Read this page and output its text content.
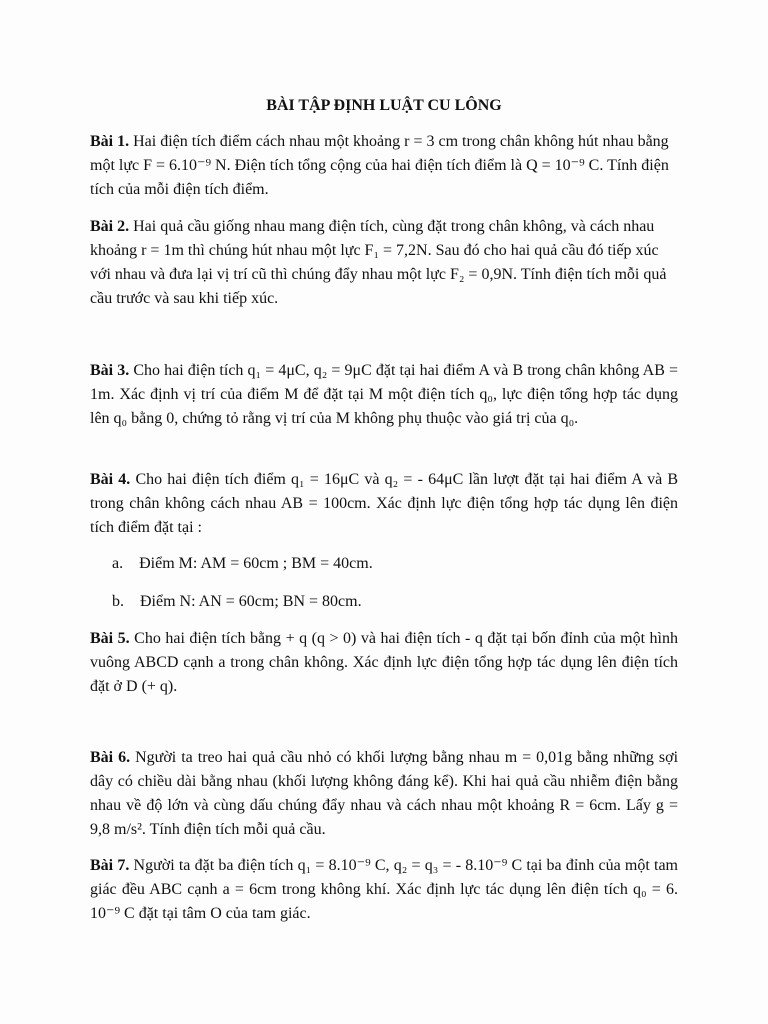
BÀI TẬP ĐỊNH LUẬT CU LÔNG

Bài 1. Hai điện tích điểm cách nhau một khoảng r = 3 cm trong chân không hút nhau bằng một lực F = 6.10⁻⁹ N. Điện tích tổng cộng của hai điện tích điểm là Q = 10⁻⁹ C. Tính điện tích của mỗi điện tích điểm.

Bài 2. Hai quả cầu giống nhau mang điện tích, cùng đặt trong chân không, và cách nhau khoảng r = 1m thì chúng hút nhau một lực F₁ = 7,2N. Sau đó cho hai quả cầu đó tiếp xúc với nhau và đưa lại vị trí cũ thì chúng đẩy nhau một lực F₂ = 0,9N. Tính điện tích mỗi quả cầu trước và sau khi tiếp xúc.

Bài 3. Cho hai điện tích q₁ = 4μC, q₂ = 9μC đặt tại hai điểm A và B trong chân không AB = 1m. Xác định vị trí của điểm M để đặt tại M một điện tích q₀, lực điện tổng hợp tác dụng lên q₀ bằng 0, chứng tỏ rằng vị trí của M không phụ thuộc vào giá trị của q₀.

Bài 4. Cho hai điện tích điểm q₁ = 16μC và q₂ = - 64μC lần lượt đặt tại hai điểm A và B trong chân không cách nhau AB = 100cm. Xác định lực điện tổng hợp tác dụng lên điện tích điểm đặt tại :

a. Điểm M: AM = 60cm ; BM = 40cm.

b. Điểm N: AN = 60cm; BN = 80cm.

Bài 5. Cho hai điện tích bằng + q (q > 0) và hai điện tích - q đặt tại bốn đỉnh của một hình vuông ABCD cạnh a trong chân không. Xác định lực điện tổng hợp tác dụng lên điện tích đặt ở D (+ q).

Bài 6. Người ta treo hai quả cầu nhỏ có khối lượng bằng nhau m = 0,01g bằng những sợi dây có chiều dài bằng nhau (khối lượng không đáng kể). Khi hai quả cầu nhiễm điện bằng nhau về độ lớn và cùng dấu chúng đẩy nhau và cách nhau một khoảng R = 6cm. Lấy g = 9,8 m/s². Tính điện tích mỗi quả cầu.

Bài 7. Người ta đặt ba điện tích q₁ = 8.10⁻⁹ C, q₂ = q₃ = - 8.10⁻⁹ C tại ba đỉnh của một tam giác đều ABC cạnh a = 6cm trong không khí. Xác định lực tác dụng lên điện tích q₀ = 6. 10⁻⁹ C đặt tại tâm O của tam giác.
